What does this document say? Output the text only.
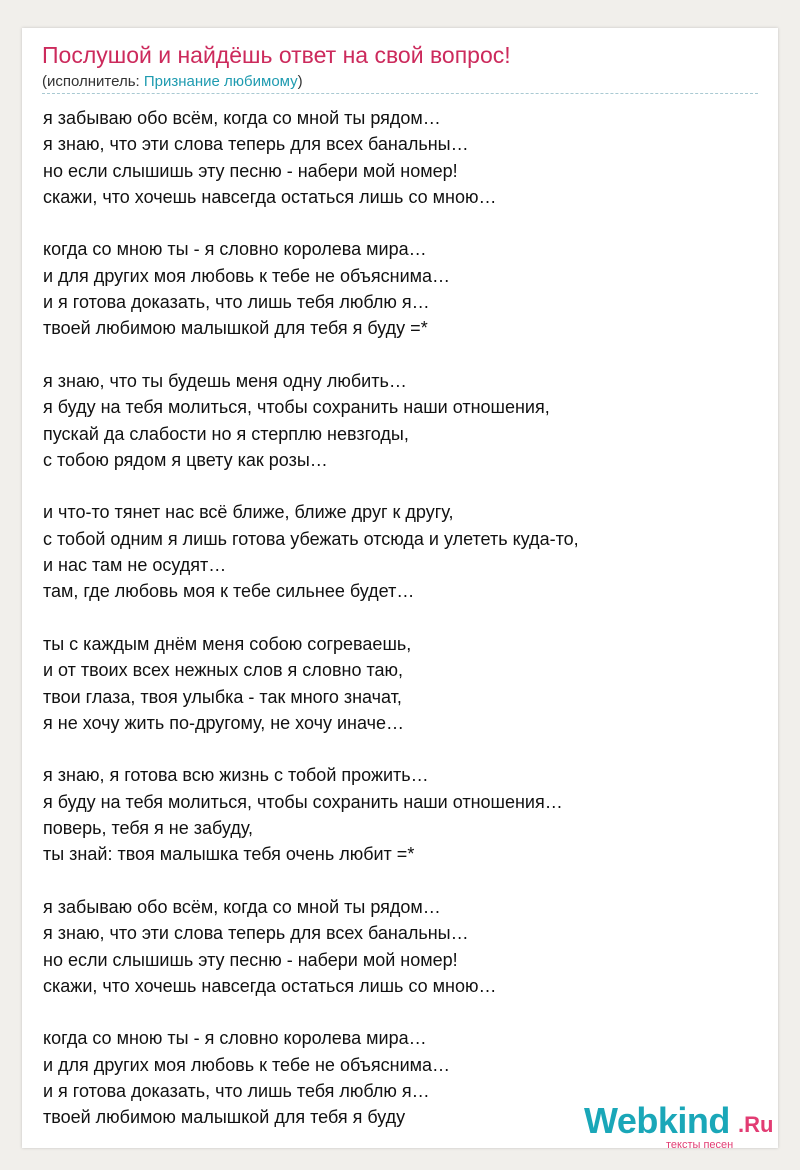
Послушой и найдёшь ответ на свой вопрос!
(исполнитель: Признание любимому)
я забываю обо всём, когда со мной ты рядом…
я знаю, что эти слова теперь для всех банальны…
но если слышишь эту песню - набери мой номер!
скажи, что хочешь навсегда остаться лишь со мною…
когда со мною ты - я словно королева мира…
и для других моя любовь к тебе не объяснима…
и я готова доказать, что лишь тебя люблю я…
твоей любимою малышкой для тебя я буду =*
я знаю, что ты будешь меня одну любить…
я буду на тебя молиться, чтобы сохранить наши отношения,
пускай да слабости но я стерплю невзгоды,
с тобою рядом я цвету как розы…
и что-то тянет нас всё ближе, ближе друг к другу,
с тобой одним я лишь готова убежать отсюда и улететь куда-то,
и нас там не осудят…
там, где любовь моя к тебе сильнее будет…
ты с каждым днём меня собою согреваешь,
и от твоих всех нежных слов я словно таю,
твои глаза, твоя улыбка - так много значат,
я не хочу жить по-другому, не хочу иначе…
я знаю, я готова всю жизнь с тобой прожить…
я буду на тебя молиться, чтобы сохранить наши отношения…
поверь, тебя я не забуду,
ты знай: твоя малышка тебя очень любит =*
я забываю обо всём, когда со мной ты рядом…
я знаю, что эти слова теперь для всех банальны…
но если слышишь эту песню - набери мой номер!
скажи, что хочешь навсегда остаться лишь со мною…
когда со мною ты - я словно королева мира…
и для других моя любовь к тебе не объяснима…
и я готова доказать, что лишь тебя люблю я…
твоей любимою малышкой для тебя я буду	Webkind .Ru
тексты песен
